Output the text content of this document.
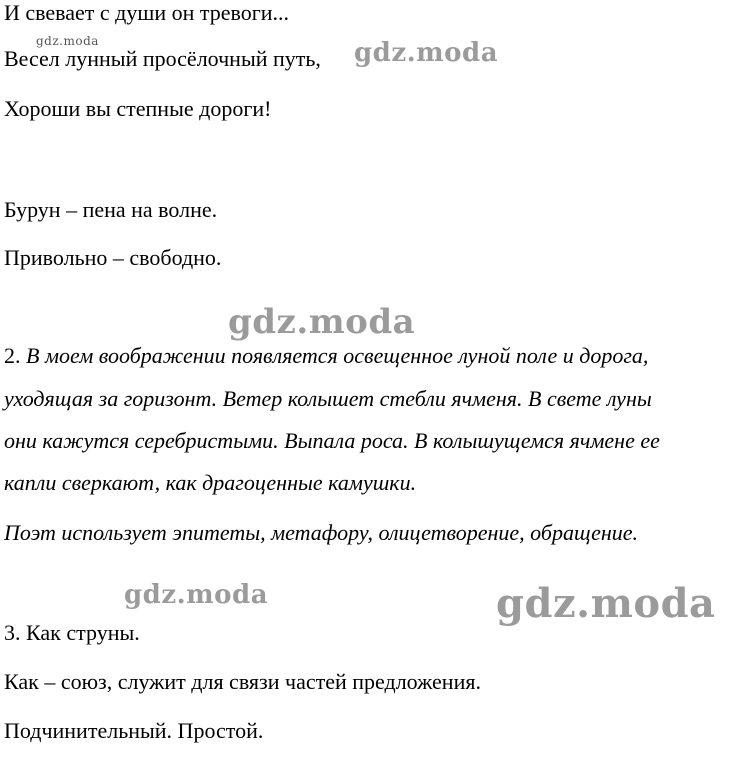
И свевает с души он тревоги...
gdz.moda
Весел лунный просёлочный путь, gdz.moda
Хороши вы степные дороги!
Бурун – пена на волне.
Привольно – свободно.
gdz.moda
2. В моем воображении появляется освещенное луной поле и дорога,
уходящая за горизонт. Ветер колышет стебли ячменя. В свете луны
они кажутся серебристыми. Выпала роса. В колышущемся ячмене ее
капли сверкают, как драгоценные камушки.
Поэт использует эпитеты, метафору, олицетворение, обращение.
gdz.moda	gdz.moda
3. Как струны.
Как – союз, служит для связи частей предложения.
Подчинительный. Простой.
